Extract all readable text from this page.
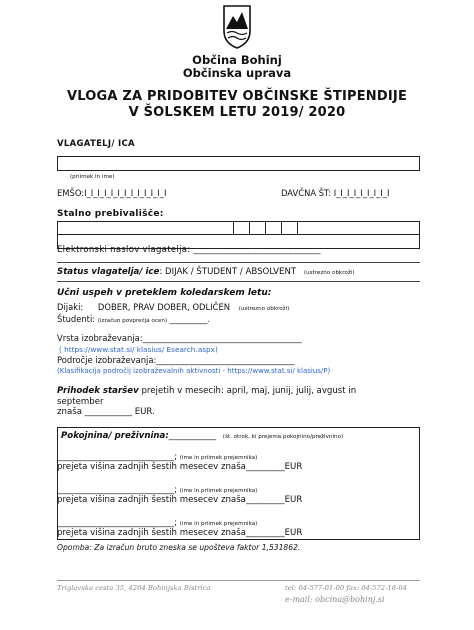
Občina Bohinj
Občinska uprava
VLOGA ZA PRIDOBITEV OBČINSKE ŠTIPENDIJE
V ŠOLSKEM LETU 2019/ 2020
VLAGATELJ/ ICA
(priimek in ime)
EMŠO:I_I_I_I_I_I_I_I_I_I_I_I_I	DAVČNA ŠT: I_I_I_I_I_I_I_I_I
Stalno prebivališče:
Elektronski naslov vlagatelja: ____________________________
Status vlagatelja/ ice: DIJAK / ŠTUDENT / ABSOLVENT (ustrezno obkroži)
Učni uspeh v preteklem koledarskem letu:
Dijaki: DOBER, PRAV DOBER, ODLIČEN (ustrezno obkroži)
Študenti: (izračun povprečja ocen) _________.
Vrsta izobraževanja:______________________________________
( https://www.stat.si/ klasius/ Esearch.aspx)
Področje izobraževanja:_________________________________
(Klasifikacija področij izobraževalnih aktivnosti - https://www.stat.si/ klasius/P)
Prihodek staršev prejetih v mesecih: april, maj, junij, julij, avgust in
september
znaša ___________ EUR.
Pokojnina/ preživnina:___________ (št. otrok, ki prejema pokojnino/preživnino)
____________________________; (ime in priimek prejemnika)
prejeta višina zadnjih šestih mesecev znaša_________EUR
____________________________; (ime in priimek prejemnika)
prejeta višina zadnjih šestih mesecev znaša_________EUR
____________________________; (ime in priimek prejemnika)
prejeta višina zadnjih šestih mesecev znaša_________EUR
Opomba: Za izračun bruto zneska se upošteva faktor 1,531862.
Triglavska cesta 35, 4264 Bohinjska Bistrica	tel: 04-577-01-00 fax: 04-572-18-64
e-mail: obcina@bohinj.si
